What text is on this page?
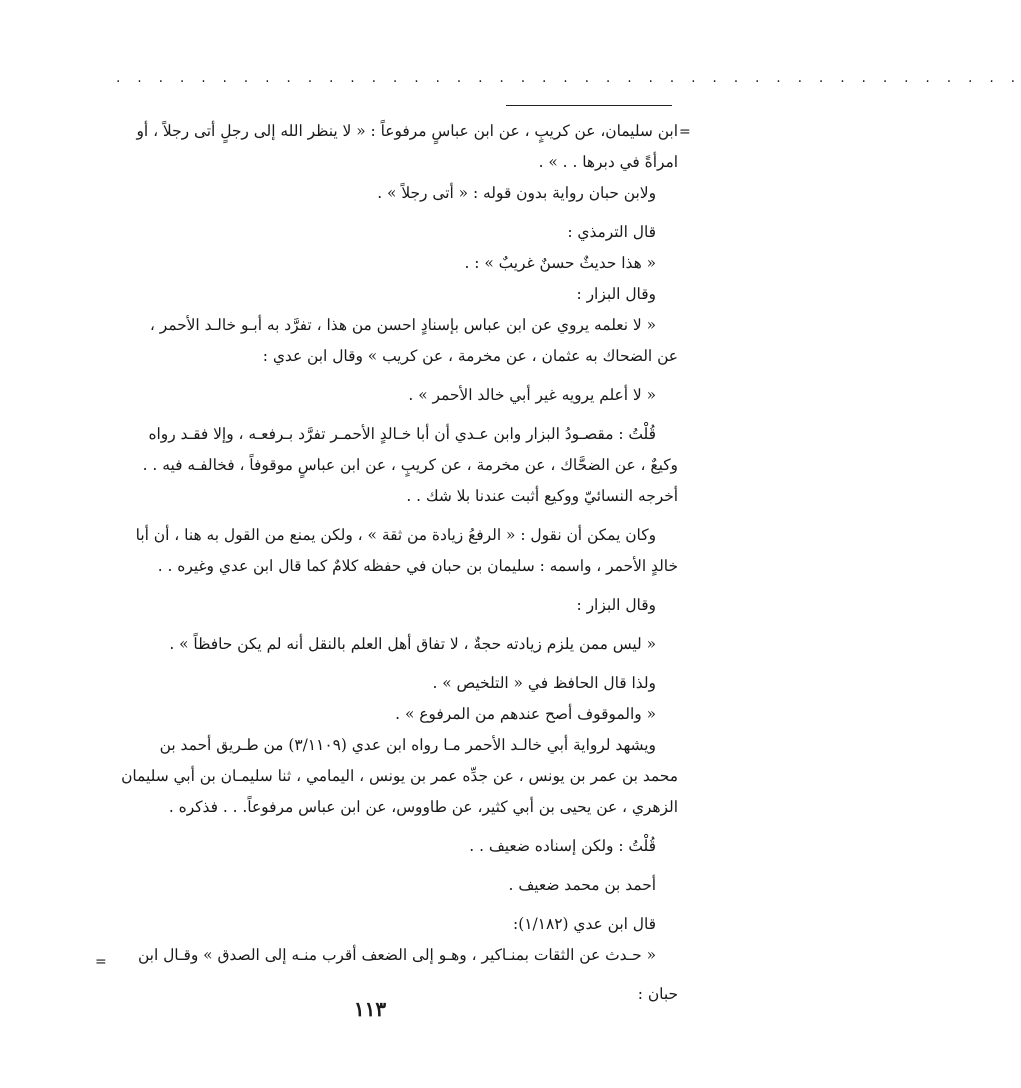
. . . . . . . . . . . . . . . . . . . . . . . . . . . . . . . . . . . . . . . . . . .
=
=

ابن سليمان، عن كريبٍ ، عن ابن عباسٍ مرفوعاً : « لا ينظر الله إلى رجلٍ أتى رجلاً ، أو

امرأةً في دبرها . . » .

ولابن حبان رواية بدون قوله : « أتى رجلاً » .

قال الترمذي :

« هذا حديثٌ حسنٌ غريبٌ » : .

وقال البزار :

« لا نعلمه يروي عن ابن عباس بإسنادٍ احسن من هذا ، تفرَّد به أبـو خالـد الأحمر ،

عن الضحاك به عثمان ، عن مخرمة ، عن كريب » وقال ابن عدي :

« لا أعلم يرويه غير أبي خالد الأحمر » .

قُلْتُ : مقصـودُ البزار وابن عـدي أن أبا خـالدٍ الأحمـر تفرَّد بـرفعـه ، وإلا فقـد رواه

وكيعٌ ، عن الضحَّاك ، عن مخرمة ، عن كريبٍ ، عن ابن عباسٍ موقوفاً ، فخالفـه فيه . .

أخرجه النسائيّ ووكيع أثبت عندنا بلا شك . .

وكان يمكن أن نقول : « الرفعُ زيادة من ثقة » ، ولكن يمنع من القول به هنا ، أن أبا

خالدٍ الأحمر ، واسمه : سليمان بن حبان في حفظه كلامٌ كما قال ابن عدي وغيره . .

وقال البزار :

« ليس ممن يلزم زيادته حجةٌ ، لا تفاق أهل العلم بالنقل أنه لم يكن حافظاً » .

ولذا قال الحافظ في « التلخيص » .

« والموقوف أصح عندهم من المرفوع » .

ويشهد لرواية أبي خالـد الأحمر مـا رواه ابن عدي (٣/١١٠٩) من طـريق أحمد بن

محمد بن عمر بن يونس ، عن جدِّه عمر بن يونس ، اليمامي ، ثنا سليمـان بن أبي سليمان

الزهري ، عن يحيى بن أبي كثير، عن طاووس، عن ابن عباس مرفوعاً. . . فذكره .

قُلْتُ : ولكن إسناده ضعيف . .

أحمد بن محمد ضعيف .

قال ابن عدي (١/١٨٢):

« حـدث عن الثقات بمنـاكير ، وهـو إلى الضعف أقرب منـه إلى الصدق » وقـال ابن

حبان :

١١٣
